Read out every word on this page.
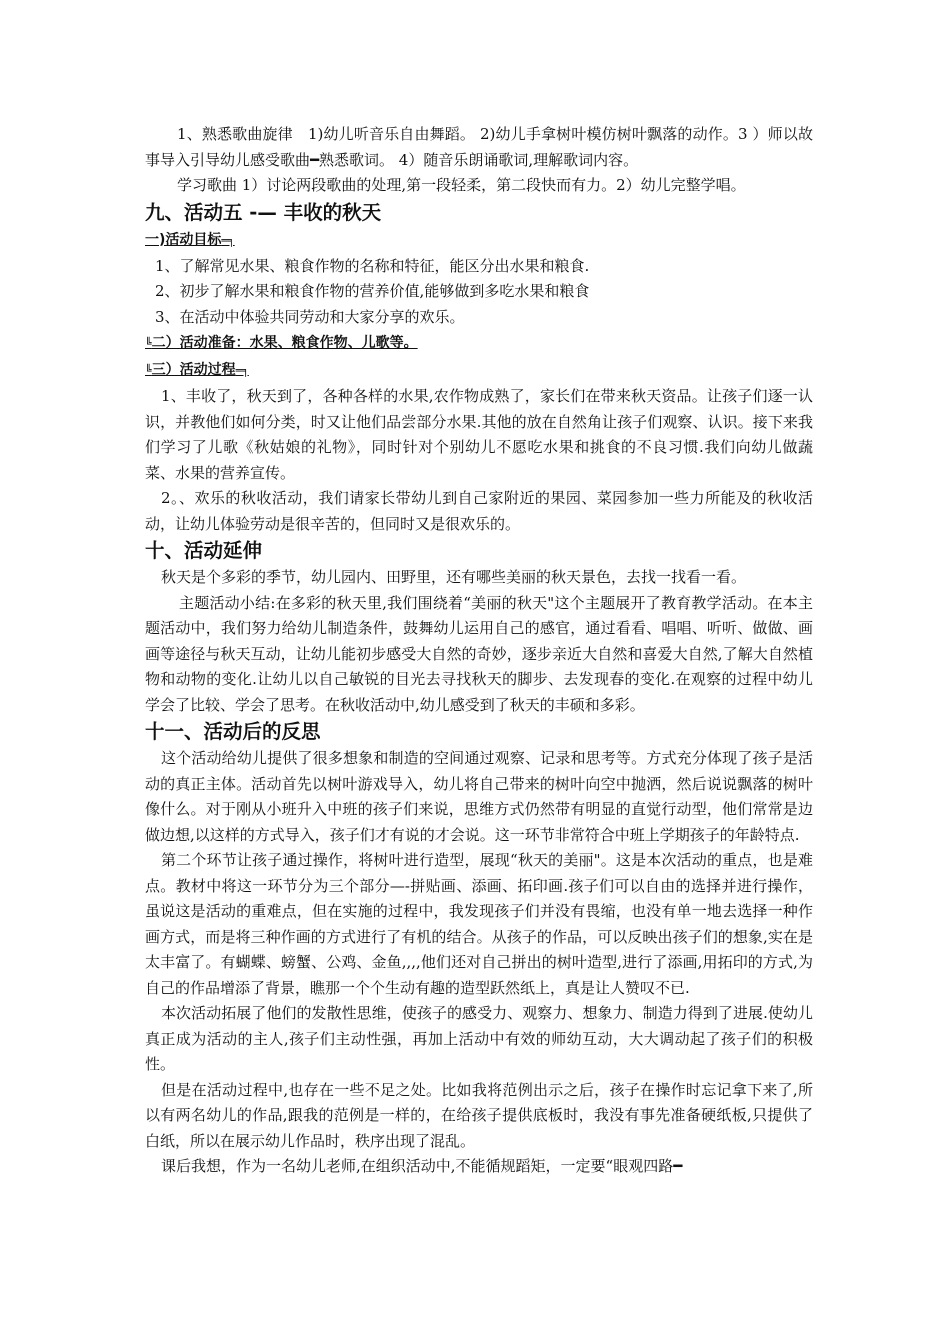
1、熟悉歌曲旋律　1)幼儿听音乐自由舞蹈。 2)幼儿手拿树叶模仿树叶飘落的动作。3 ）师以故事导入引导幼儿感受歌曲━熟悉歌词。 4）随音乐朗诵歌词,理解歌词内容。

学习歌曲 1）讨论两段歌曲的处理,第一段轻柔，第二段快而有力。2）幼儿完整学唱。

九、活动五 -— 丰收的秋天
一)活动目标═╕

1、了解常见水果、粮食作物的名称和特征，能区分出水果和粮食.

2、初步了解水果和粮食作物的营养价值,能够做到多吃水果和粮食

3、在活动中体验共同劳动和大家分享的欢乐。

╚二）活动准备：水果、粮食作物、儿歌等。
╚三）活动过程═╕

1、丰收了，秋天到了，各种各样的水果,农作物成熟了，家长们在带来秋天资品。让孩子们逐一认识，并教他们如何分类，时又让他们品尝部分水果.其他的放在自然角让孩子们观察、认识。接下来我们学习了儿歌《秋姑娘的礼物》，同时针对个别幼儿不愿吃水果和挑食的不良习惯.我们向幼儿做蔬菜、水果的营养宣传。

2。、欢乐的秋收活动，我们请家长带幼儿到自己家附近的果园、菜园参加一些力所能及的秋收活动，让幼儿体验劳动是很辛苦的，但同时又是很欢乐的。

十、活动延伸

秋天是个多彩的季节，幼儿园内、田野里，还有哪些美丽的秋天景色，去找一找看一看。

主题活动小结:在多彩的秋天里,我们围绕着“美丽的秋天"这个主题展开了教育教学活动。在本主题活动中，我们努力给幼儿制造条件，鼓舞幼儿运用自己的感官，通过看看、唱唱、听听、做做、画画等途径与秋天互动，让幼儿能初步感受大自然的奇妙，逐步亲近大自然和喜爱大自然,了解大自然植物和动物的变化.让幼儿以自己敏锐的目光去寻找秋天的脚步、去发现春的变化.在观察的过程中幼儿学会了比较、学会了思考。在秋收活动中,幼儿感受到了秋天的丰硕和多彩。

十一、活动后的反思

这个活动给幼儿提供了很多想象和制造的空间通过观察、记录和思考等。方式充分体现了孩子是活动的真正主体。活动首先以树叶游戏导入，幼儿将自己带来的树叶向空中抛洒，然后说说飘落的树叶像什么。对于刚从小班升入中班的孩子们来说，思维方式仍然带有明显的直觉行动型，他们常常是边做边想,以这样的方式导入，孩子们才有说的才会说。这一环节非常符合中班上学期孩子的年龄特点.

第二个环节让孩子通过操作，将树叶进行造型，展现“秋天的美丽"。这是本次活动的重点，也是难点。教材中将这一环节分为三个部分—-拼贴画、添画、拓印画.孩子们可以自由的选择并进行操作，虽说这是活动的重难点，但在实施的过程中，我发现孩子们并没有畏缩，也没有单一地去选择一种作画方式，而是将三种作画的方式进行了有机的结合。从孩子的作品，可以反映出孩子们的想象,实在是太丰富了。有蝴蝶、螃蟹、公鸡、金鱼,,,,他们还对自己拼出的树叶造型,进行了添画,用拓印的方式,为自己的作品增添了背景，瞧那一个个生动有趣的造型跃然纸上，真是让人赞叹不已.

本次活动拓展了他们的发散性思维，使孩子的感受力、观察力、想象力、制造力得到了进展.使幼儿真正成为活动的主人,孩子们主动性强，再加上活动中有效的师幼互动，大大调动起了孩子们的积极性。

但是在活动过程中,也存在一些不足之处。比如我将范例出示之后，孩子在操作时忘记拿下来了,所以有两名幼儿的作品,跟我的范例是一样的，在给孩子提供底板时，我没有事先准备硬纸板,只提供了白纸，所以在展示幼儿作品时，秩序出现了混乱。

课后我想，作为一名幼儿老师,在组织活动中,不能循规蹈矩，一定要“眼观四路━
